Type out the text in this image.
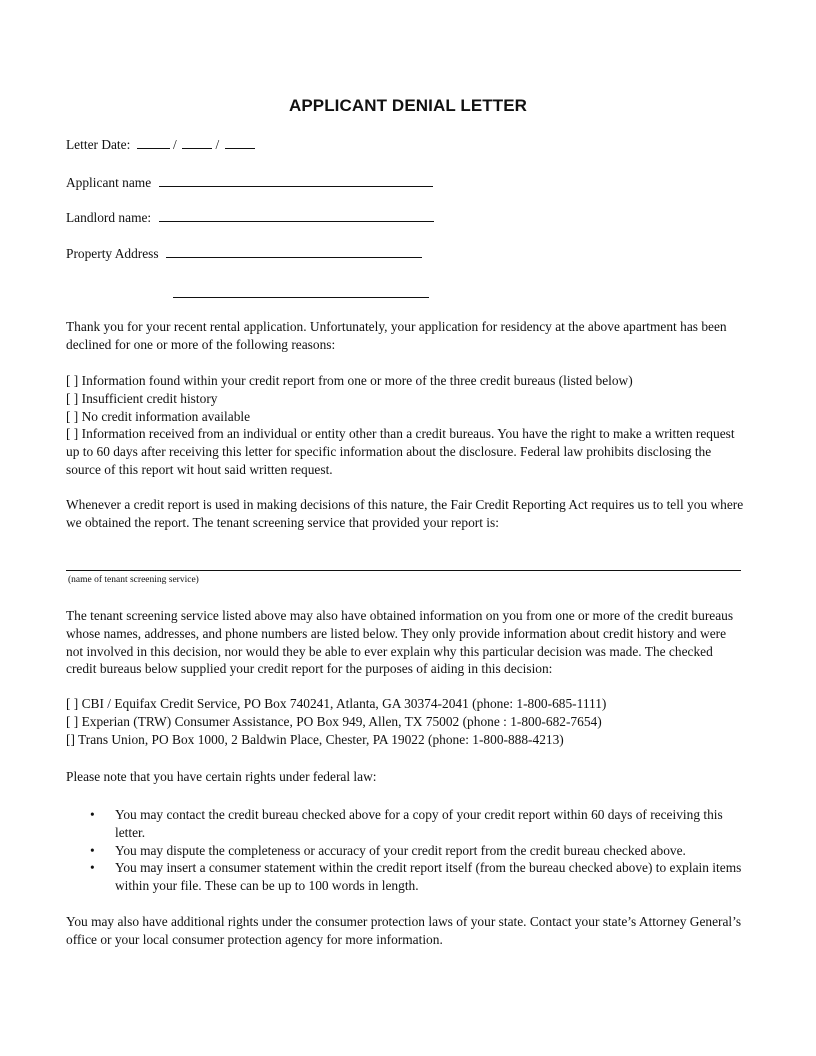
APPLICANT DENIAL LETTER
Letter Date:	/	/
Applicant name
Landlord name:
Property Address
Thank you for your recent rental application. Unfortunately, your application for residency at the above apartment has been declined for one or more of the following reasons:
[ ] Information found within your credit report from one or more of the three credit bureaus (listed below)
[ ] Insufficient credit history
[ ] No credit information available
[ ] Information received from an individual or entity other than a credit bureaus. You have the right to make a written request up to 60 days after receiving this letter for specific information about the disclosure. Federal law prohibits disclosing the source of this report wit hout said written request.
Whenever a credit report is used in making decisions of this nature, the Fair Credit Reporting Act requires us to tell you where we obtained the report. The tenant screening service that provided your report is:
(name of tenant screening service)
The tenant screening service listed above may also have obtained information on you from one or more of the credit bureaus whose names, addresses, and phone numbers are listed below. They only provide information about credit history and were not involved in this decision, nor would they be able to ever explain why this particular decision was made. The checked credit bureaus below supplied your credit report for the purposes of aiding in this decision:
[ ] CBI / Equifax Credit Service, PO Box 740241, Atlanta, GA 30374-2041 (phone: 1-800-685-1111)
[ ] Experian (TRW) Consumer Assistance, PO Box 949, Allen, TX 75002 (phone : 1-800-682-7654)
[] Trans Union, PO Box 1000, 2 Baldwin Place, Chester, PA 19022 (phone: 1-800-888-4213)
Please note that you have certain rights under federal law:
• You may contact the credit bureau checked above for a copy of your credit report within 60 days of receiving this letter.
• You may dispute the completeness or accuracy of your credit report from the credit bureau checked above.
• You may insert a consumer statement within the credit report itself (from the bureau checked above) to explain items within your file. These can be up to 100 words in length.
You may also have additional rights under the consumer protection laws of your state. Contact your state’s Attorney General’s office or your local consumer protection agency for more information.
